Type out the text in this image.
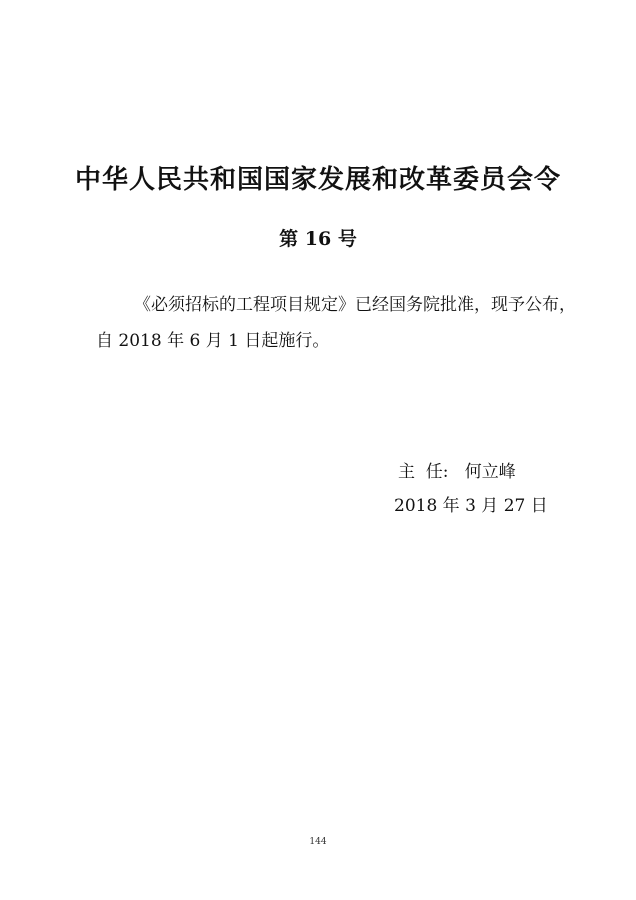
中华人民共和国国家发展和改革委员会令
第 16 号
《必须招标的工程项目规定》已经国务院批准，现予公布，
自 2018 年 6 月 1 日起施行。
主  任:   何立峰
2018 年 3 月 27 日
144
